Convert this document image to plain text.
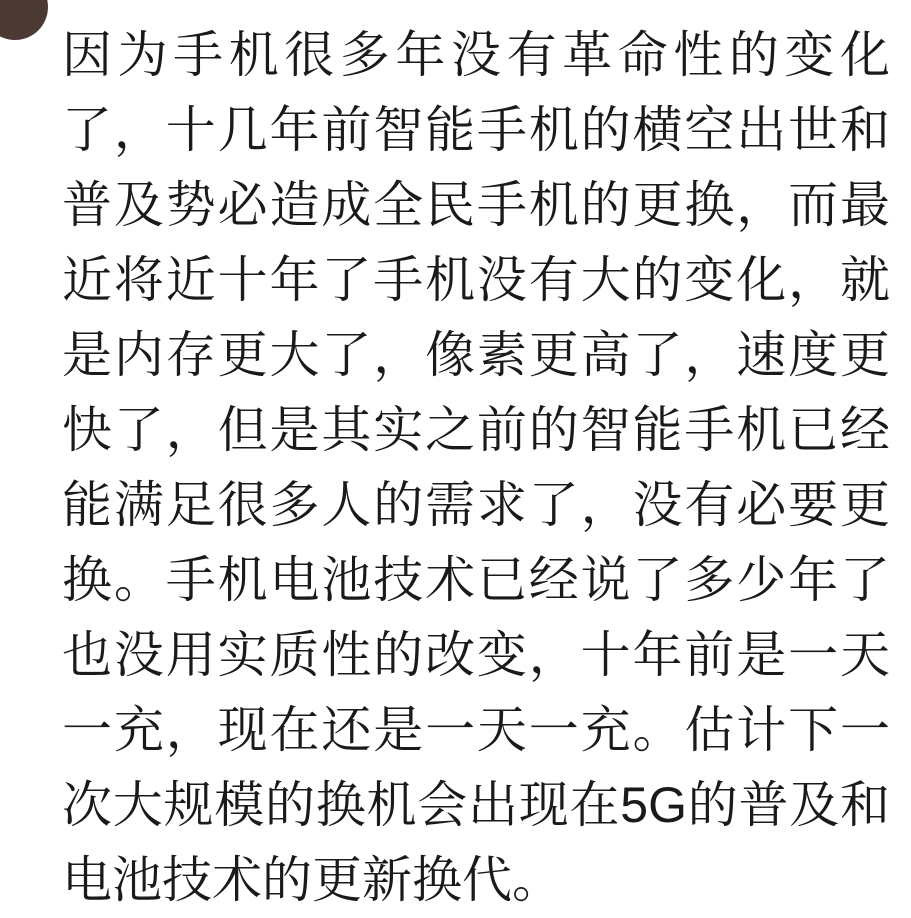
因为手机很多年没有革命性的变化了，十几年前智能手机的横空出世和普及势必造成全民手机的更换，而最近将近十年了手机没有大的变化，就是内存更大了，像素更高了，速度更快了，但是其实之前的智能手机已经能满足很多人的需求了，没有必要更换。手机电池技术已经说了多少年了也没用实质性的改变，十年前是一天一充，现在还是一天一充。估计下一次大规模的换机会出现在5G的普及和电池技术的更新换代。
